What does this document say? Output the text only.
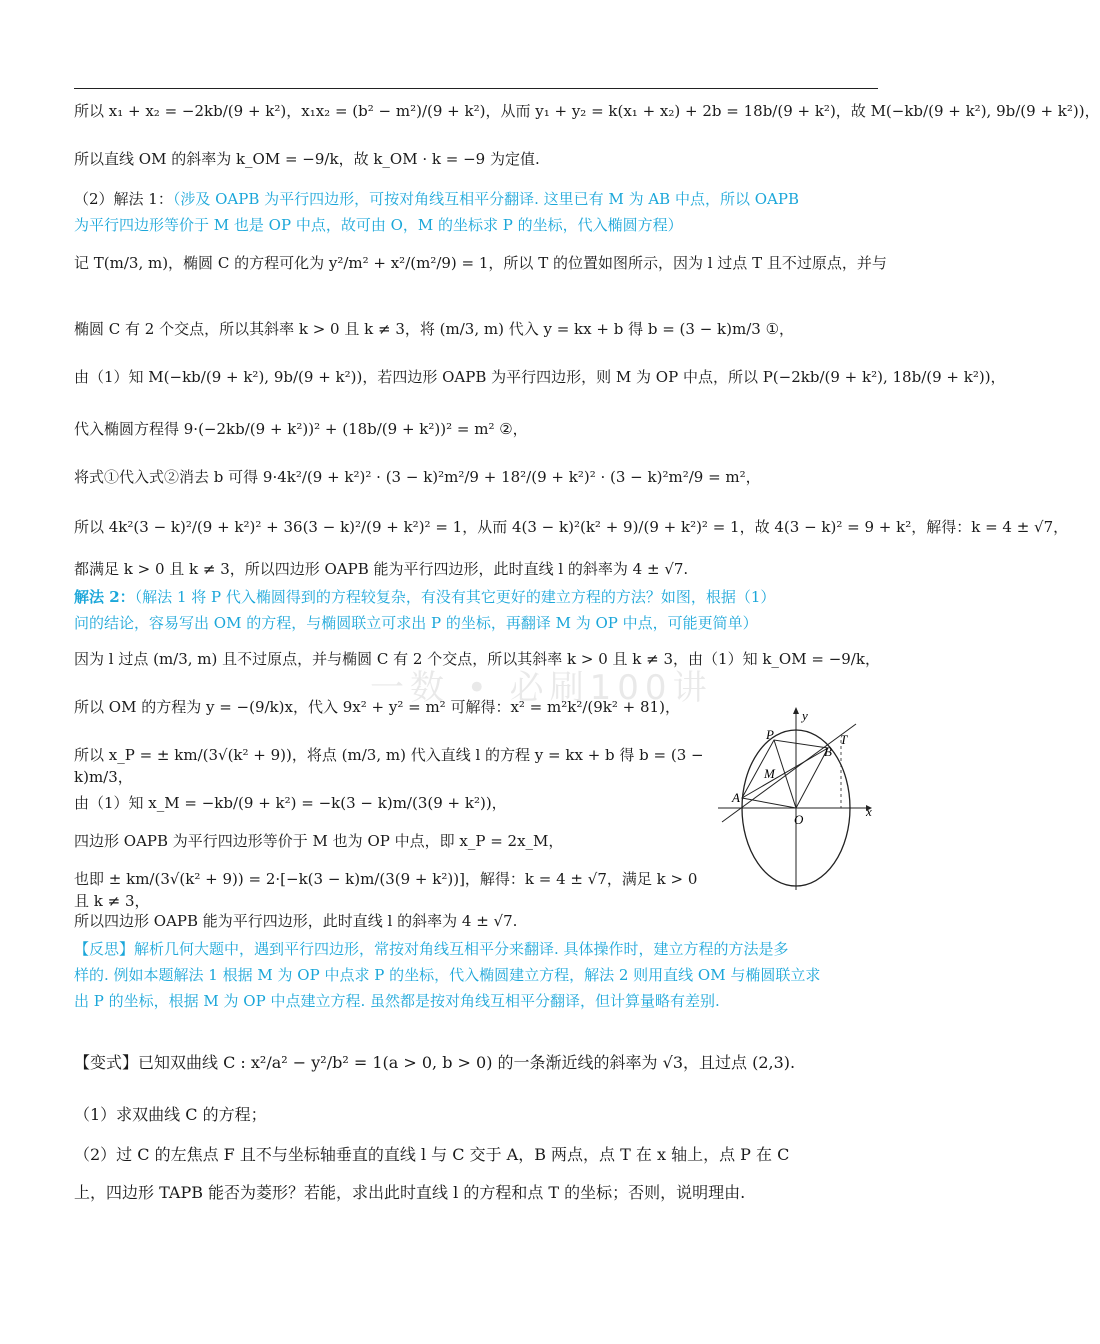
一数 • 必刷100讲
所以 x₁ + x₂ = −2kb/(9 + k²)，x₁x₂ = (b² − m²)/(9 + k²)，从而 y₁ + y₂ = k(x₁ + x₂) + 2b = 18b/(9 + k²)，故 M(−kb/(9 + k²), 9b/(9 + k²))，
所以直线 OM 的斜率为 k_OM = −9/k，故 k_OM · k = −9 为定值.
（2）解法 1：（涉及 OAPB 为平行四边形，可按对角线互相平分翻译. 这里已有 M 为 AB 中点，所以 OAPB
为平行四边形等价于 M 也是 OP 中点，故可由 O，M 的坐标求 P 的坐标，代入椭圆方程）
记 T(m/3, m)，椭圆 C 的方程可化为 y²/m² + x²/(m²/9) = 1，所以 T 的位置如图所示，因为 l 过点 T 且不过原点，并与
椭圆 C 有 2 个交点，所以其斜率 k > 0 且 k ≠ 3，将 (m/3, m) 代入 y = kx + b 得 b = (3 − k)m/3 ①，
由（1）知 M(−kb/(9 + k²), 9b/(9 + k²))，若四边形 OAPB 为平行四边形，则 M 为 OP 中点，所以 P(−2kb/(9 + k²), 18b/(9 + k²))，
代入椭圆方程得 9·(−2kb/(9 + k²))² + (18b/(9 + k²))² = m² ②，
将式①代入式②消去 b 可得 9·4k²/(9 + k²)² · (3 − k)²m²/9 + 18²/(9 + k²)² · (3 − k)²m²/9 = m²，
所以 4k²(3 − k)²/(9 + k²)² + 36(3 − k)²/(9 + k²)² = 1，从而 4(3 − k)²(k² + 9)/(9 + k²)² = 1，故 4(3 − k)² = 9 + k²，解得：k = 4 ± √7，
都满足 k > 0 且 k ≠ 3，所以四边形 OAPB 能为平行四边形，此时直线 l 的斜率为 4 ± √7.
解法 2：（解法 1 将 P 代入椭圆得到的方程较复杂，有没有其它更好的建立方程的方法？如图，根据（1）
问的结论，容易写出 OM 的方程，与椭圆联立可求出 P 的坐标，再翻译 M 为 OP 中点，可能更简单）
因为 l 过点 (m/3, m) 且不过原点，并与椭圆 C 有 2 个交点，所以其斜率 k > 0 且 k ≠ 3，由（1）知 k_OM = −9/k，
所以 OM 的方程为 y = −(9/k)x，代入 9x² + y² = m² 可解得：x² = m²k²/(9k² + 81)，
所以 x_P = ± km/(3√(k² + 9))，将点 (m/3, m) 代入直线 l 的方程 y = kx + b 得 b = (3 − k)m/3，
由（1）知 x_M = −kb/(9 + k²) = −k(3 − k)m/(3(9 + k²))，
四边形 OAPB 为平行四边形等价于 M 也为 OP 中点，即 x_P = 2x_M，
也即 ± km/(3√(k² + 9)) = 2·[−k(3 − k)m/(3(9 + k²))]，解得：k = 4 ± √7，满足 k > 0 且 k ≠ 3，
所以四边形 OAPB 能为平行四边形，此时直线 l 的斜率为 4 ± √7.
【反思】解析几何大题中，遇到平行四边形，常按对角线互相平分来翻译. 具体操作时，建立方程的方法是多
样的. 例如本题解法 1 根据 M 为 OP 中点求 P 的坐标，代入椭圆建立方程，解法 2 则用直线 OM 与椭圆联立求
出 P 的坐标，根据 M 为 OP 中点建立方程. 虽然都是按对角线互相平分翻译，但计算量略有差别.
【变式】已知双曲线 C : x²/a² − y²/b² = 1(a > 0, b > 0) 的一条渐近线的斜率为 √3，且过点 (2,3).
（1）求双曲线 C 的方程；
（2）过 C 的左焦点 F 且不与坐标轴垂直的直线 l 与 C 交于 A，B 两点，点 T 在 x 轴上，点 P 在 C
上，四边形 TAPB 能否为菱形？若能，求出此时直线 l 的方程和点 T 的坐标；否则，说明理由.
x
y
O
A
B
P
M
T
